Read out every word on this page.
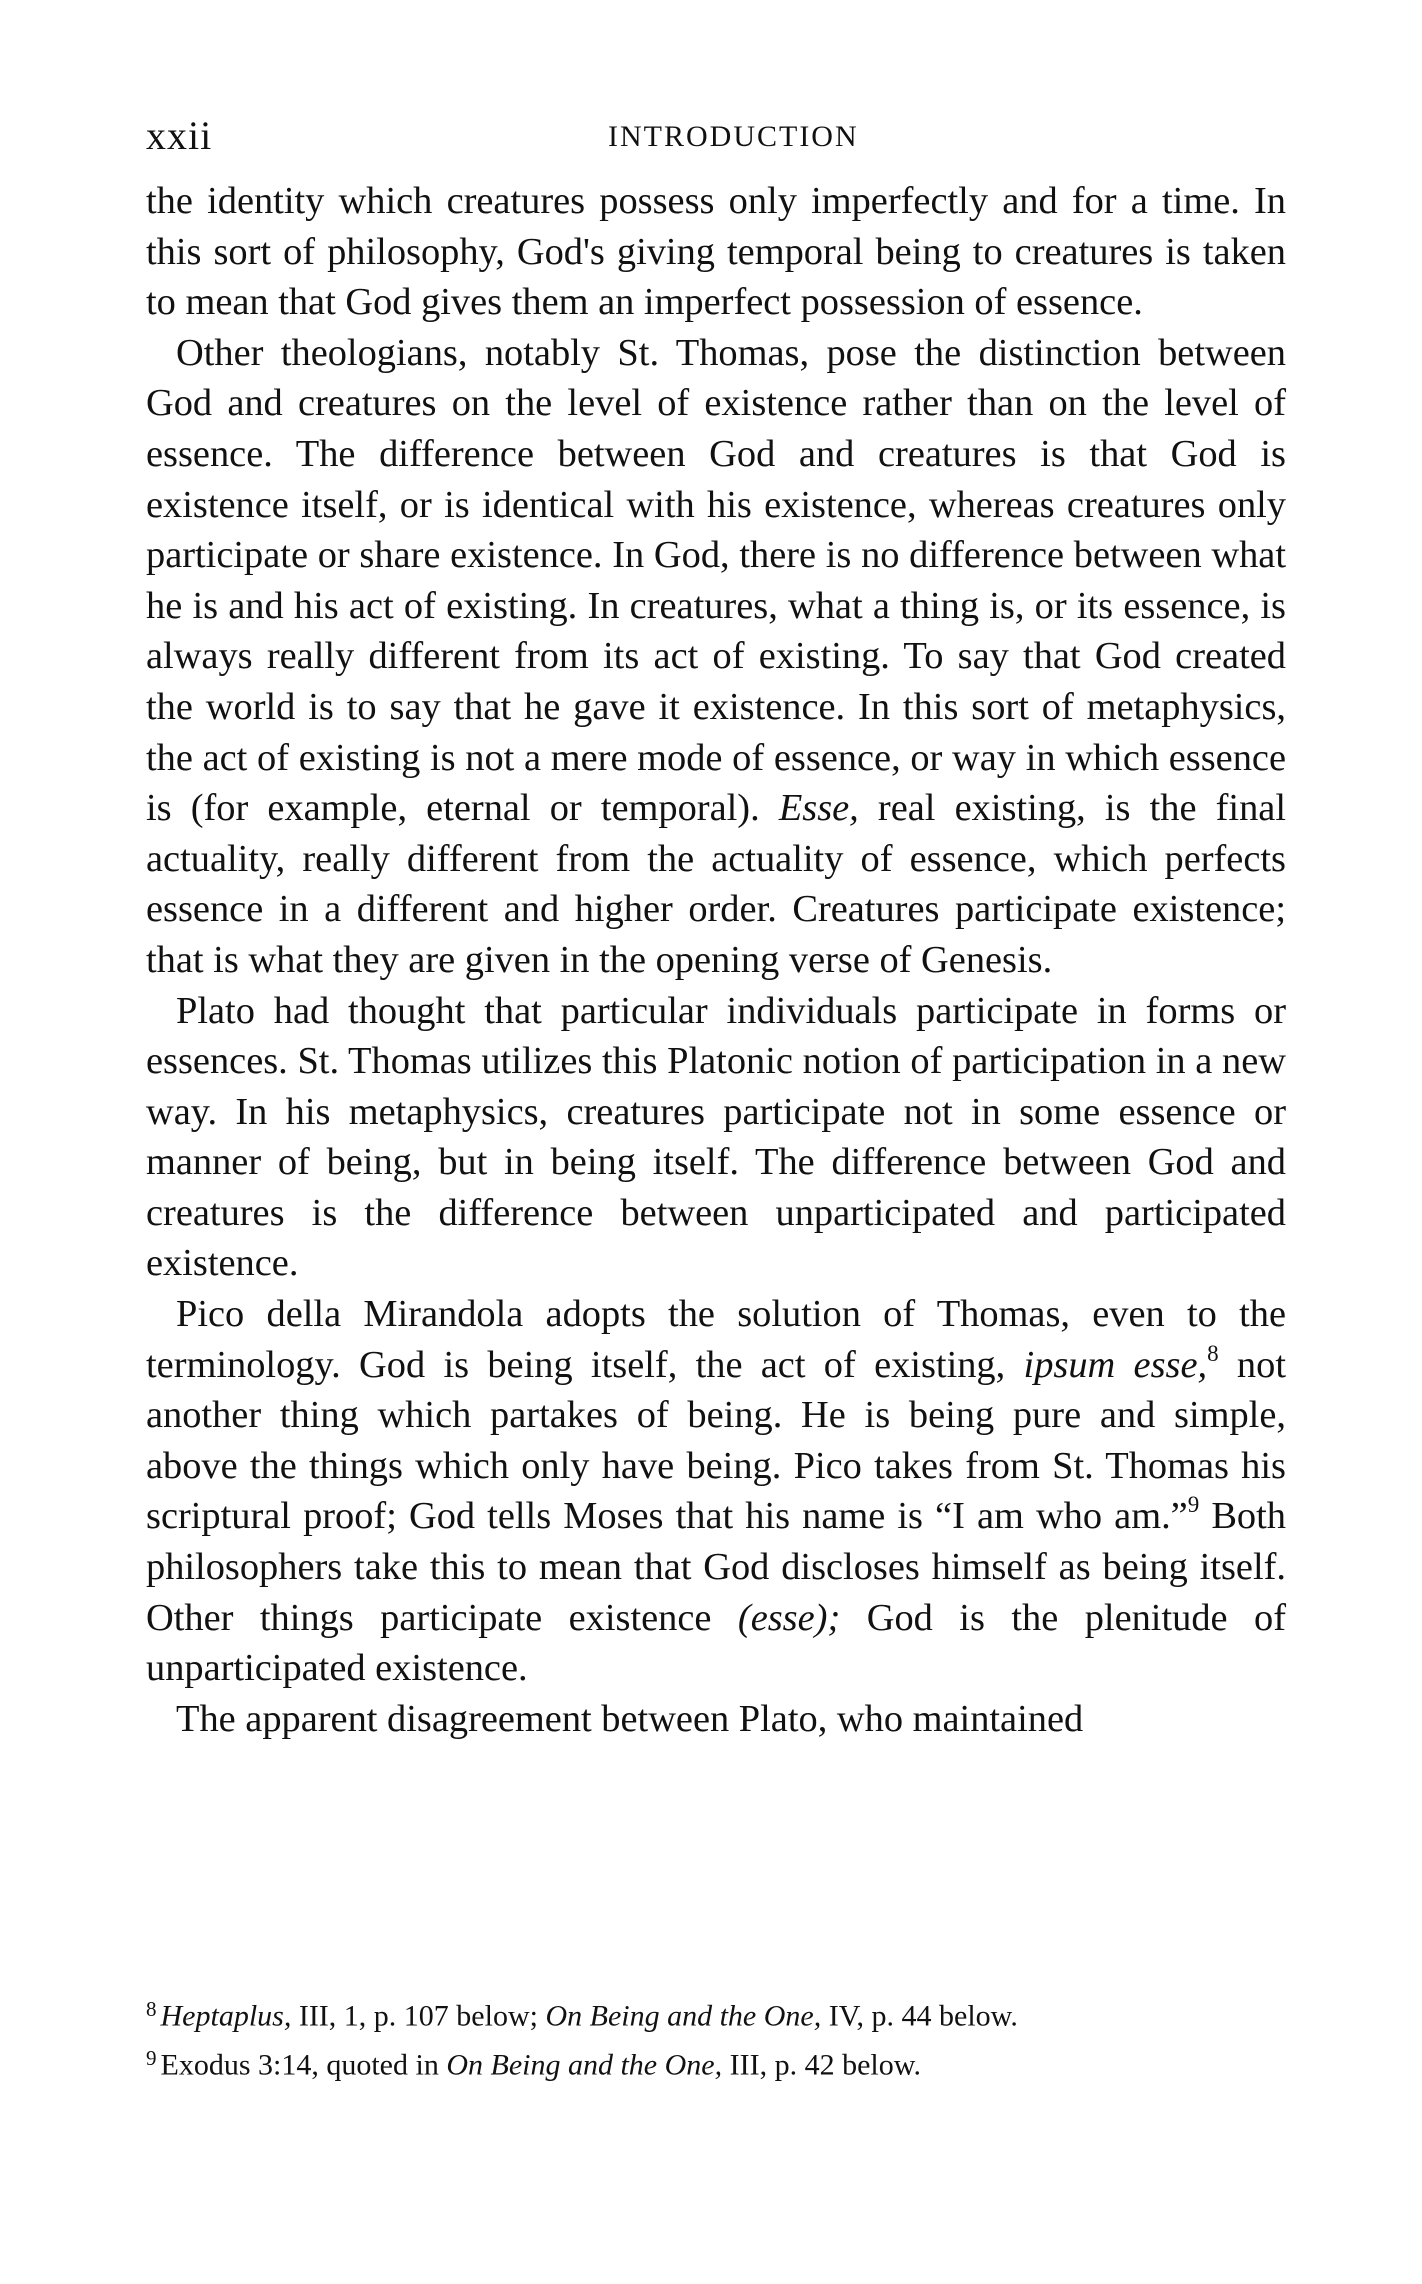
xxii	INTRODUCTION

the identity which creatures possess only imperfectly and for a time. In this sort of philosophy, God's giving temporal being to creatures is taken to mean that God gives them an imperfect possession of essence.

Other theologians, notably St. Thomas, pose the distinction between God and creatures on the level of existence rather than on the level of essence. The difference between God and creatures is that God is existence itself, or is identical with his existence, whereas creatures only participate or share existence. In God, there is no difference between what he is and his act of existing. In creatures, what a thing is, or its essence, is always really different from its act of existing. To say that God created the world is to say that he gave it existence. In this sort of metaphysics, the act of existing is not a mere mode of essence, or way in which essence is (for example, eternal or temporal). Esse, real existing, is the final actuality, really different from the actuality of essence, which perfects essence in a different and higher order. Creatures participate existence; that is what they are given in the opening verse of Genesis.

Plato had thought that particular individuals participate in forms or essences. St. Thomas utilizes this Platonic notion of participation in a new way. In his metaphysics, creatures participate not in some essence or manner of being, but in being itself. The difference between God and creatures is the difference between unparticipated and participated existence.

Pico della Mirandola adopts the solution of Thomas, even to the terminology. God is being itself, the act of existing, ipsum esse,$^8$ not another thing which partakes of being. He is being pure and simple, above the things which only have being. Pico takes from St. Thomas his scriptural proof; God tells Moses that his name is “I am who am.”$^9$ Both philosophers take this to mean that God discloses himself as being itself. Other things participate existence (esse); God is the plenitude of unparticipated existence.

The apparent disagreement between Plato, who maintained

$^8$ Heptaplus, III, 1, p. 107 below; On Being and the One, IV, p. 44 below.

$^9$ Exodus 3:14, quoted in On Being and the One, III, p. 42 below.
